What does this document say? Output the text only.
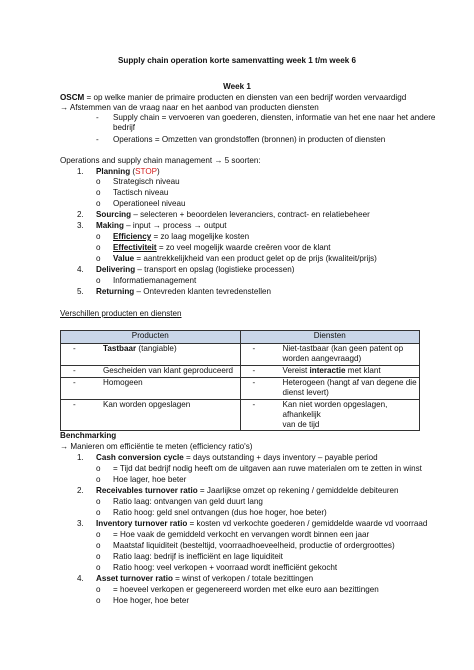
Supply chain operation korte samenvatting week 1 t/m week 6
Week 1
OSCM = op welke manier de primaire producten en diensten van een bedrijf worden vervaardigd
→ Afstemmen van de vraag naar en het aanbod van producten diensten
- Supply chain = vervoeren van goederen, diensten, informatie van het ene naar het andere
bedrijf
- Operations = Omzetten van grondstoffen (bronnen) in producten of diensten
Operations and supply chain management → 5 soorten:
1. Planning (STOP)
o Strategisch niveau
o Tactisch niveau
o Operationeel niveau
2. Sourcing – selecteren + beoordelen leveranciers, contract- en relatiebeheer
3. Making – input → process → output
o Efficiency = zo laag mogelijke kosten
o Effectiviteit = zo veel mogelijk waarde creëren voor de klant
o Value = aantrekkelijkheid van een product gelet op de prijs (kwaliteit/prijs)
4. Delivering – transport en opslag (logistieke processen)
o Informatiemanagement
5. Returning – Ontevreden klanten tevredenstellen
Verschillen producten en diensten
Producten	Diensten

- Tastbaar (tangiable)	- Niet-tastbaar (kan geen patent op
worden aangevraagd)

- Gescheiden van klant geproduceerd	- Vereist interactie met klant

- Homogeen	- Heterogeen (hangt af van degene die
dienst levert)

- Kan worden opgeslagen	- Kan niet worden opgeslagen, afhankelijk
van de tijd
Benchmarking
→ Manieren om efficiëntie te meten (efficiency ratio's)
1. Cash conversion cycle = days outstanding + days inventory – payable period
o = Tijd dat bedrijf nodig heeft om de uitgaven aan ruwe materialen om te zetten in winst
o Hoe lager, hoe beter
2. Receivables turnover ratio = Jaarlijkse omzet op rekening / gemiddelde debiteuren
o Ratio laag: ontvangen van geld duurt lang
o Ratio hoog: geld snel ontvangen (dus hoe hoger, hoe beter)
3. Inventory turnover ratio = kosten vd verkochte goederen / gemiddelde waarde vd voorraad
o = Hoe vaak de gemiddeld verkocht en vervangen wordt binnen een jaar
o Maatstaf liquiditeit (besteltijd, voorraadhoeveelheid, productie of ordergroottes)
o Ratio laag: bedrijf is inefficiënt en lage liquiditeit
o Ratio hoog: veel verkopen + voorraad wordt inefficiënt gekocht
4. Asset turnover ratio = winst of verkopen / totale bezittingen
o = hoeveel verkopen er gegenereerd worden met elke euro aan bezittingen
o Hoe hoger, hoe beter
